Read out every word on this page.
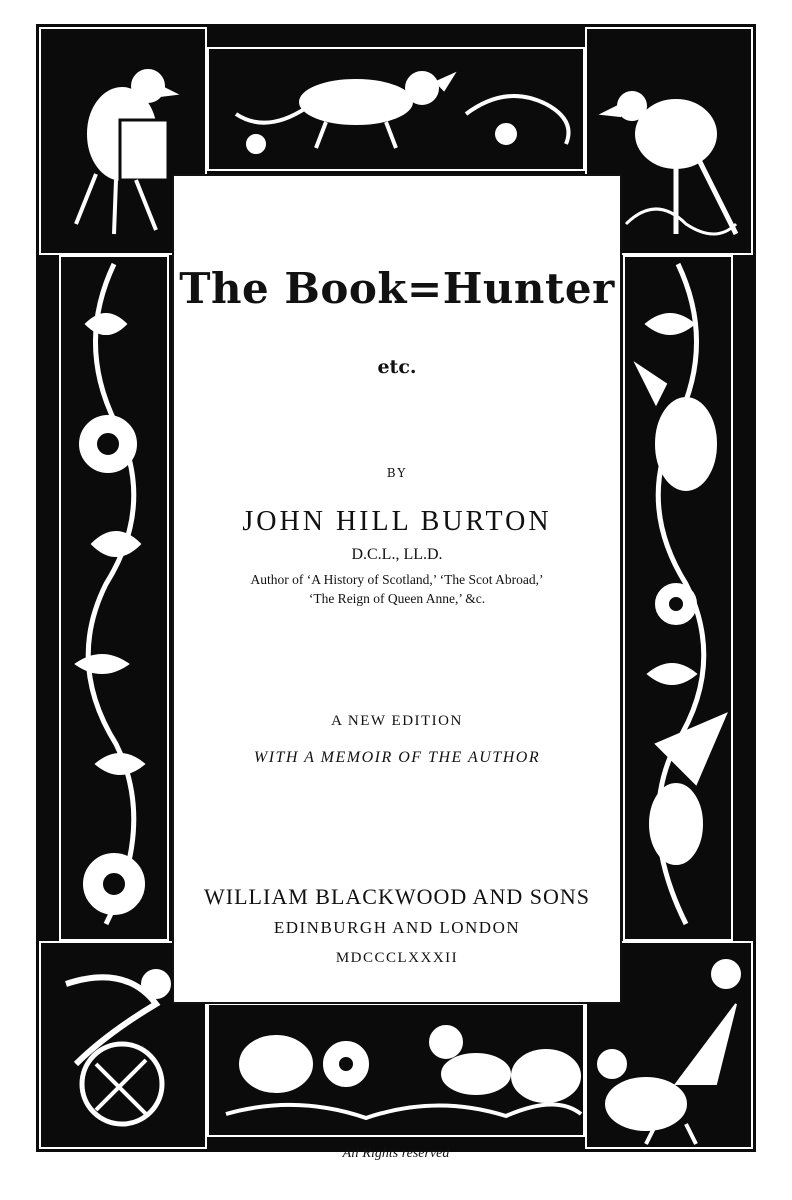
The Book=Hunter
etc.
BY
JOHN HILL BURTON
D.C.L., LL.D.
Author of ‘A History of Scotland,’ ‘The Scot Abroad,’
‘The Reign of Queen Anne,’ &c.
A NEW EDITION
WITH A MEMOIR OF THE AUTHOR
WILLIAM BLACKWOOD AND SONS
EDINBURGH AND LONDON
MDCCCLXXXII
All Rights reserved
